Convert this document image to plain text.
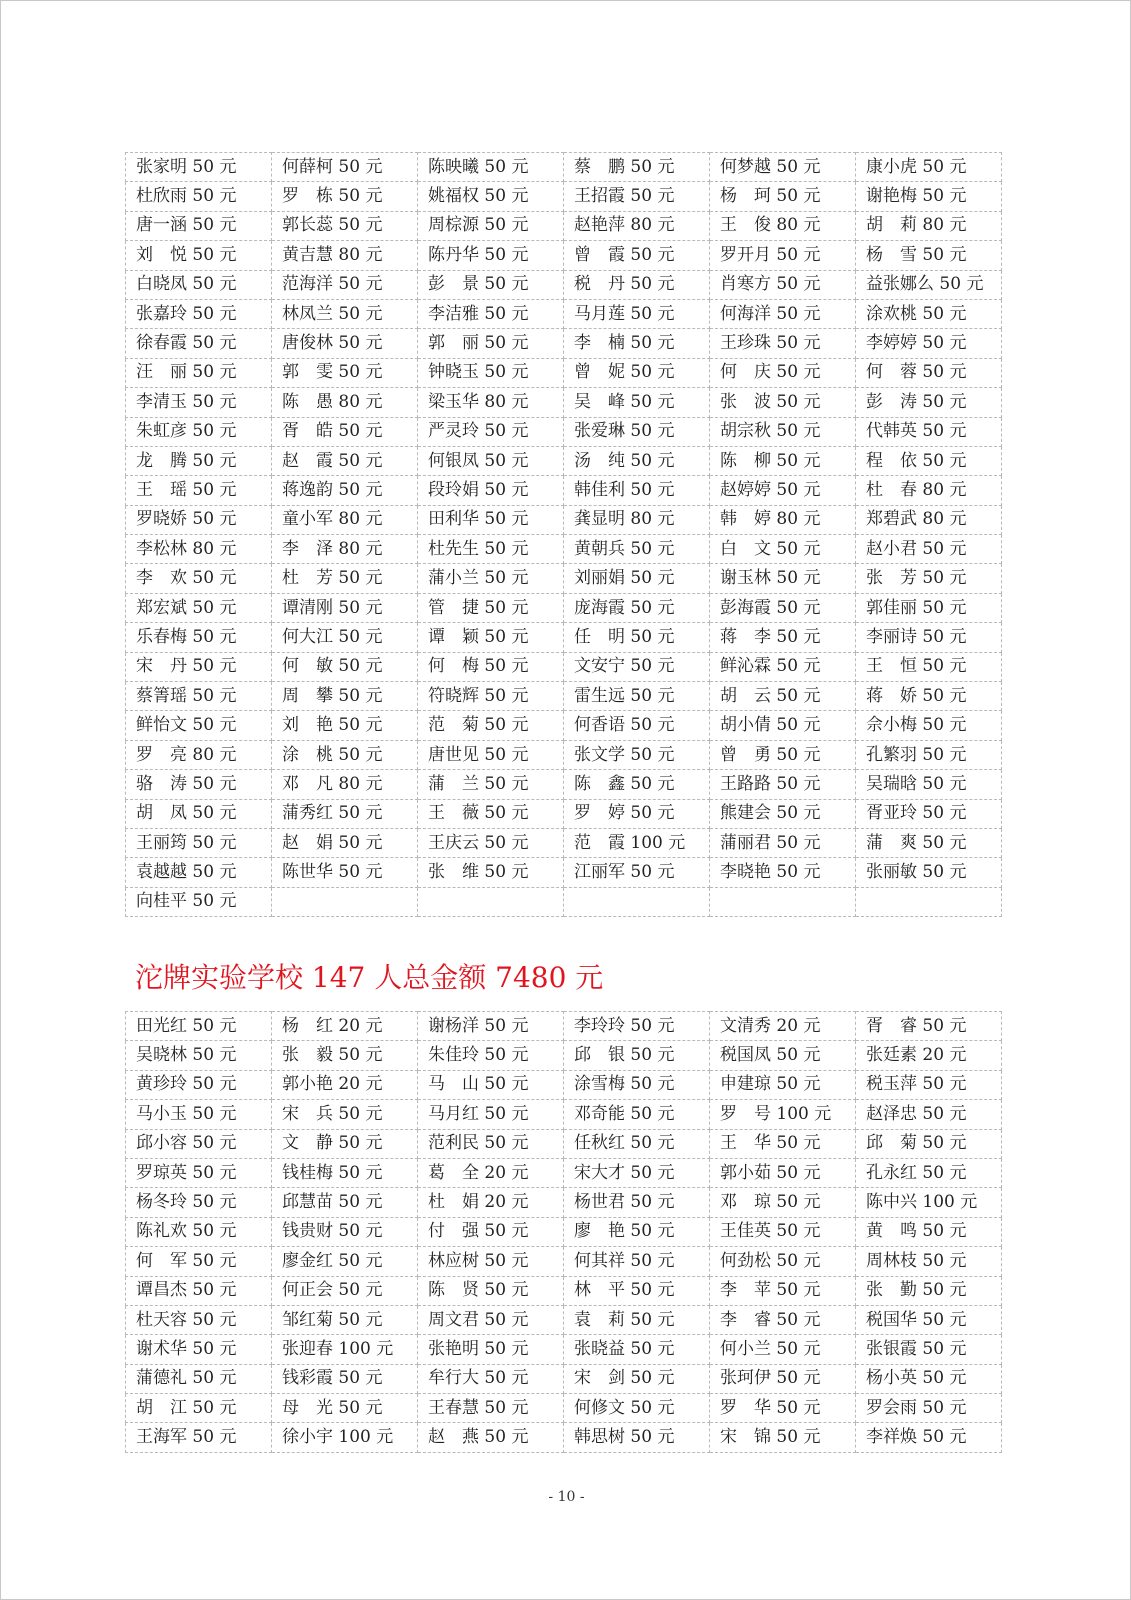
张家明 50 元	何薛柯 50 元	陈映曦 50 元	蔡　鹏 50 元	何梦越 50 元	康小虎 50 元
杜欣雨 50 元	罗　栋 50 元	姚福权 50 元	王招霞 50 元	杨　珂 50 元	谢艳梅 50 元
唐一涵 50 元	郭长蕊 50 元	周棕源 50 元	赵艳萍 80 元	王　俊 80 元	胡　莉 80 元
刘　悦 50 元	黄吉慧 80 元	陈丹华 50 元	曾　霞 50 元	罗开月 50 元	杨　雪 50 元
白晓凤 50 元	范海洋 50 元	彭　景 50 元	税　丹 50 元	肖寒方 50 元	益张娜么 50 元
张嘉玲 50 元	林凤兰 50 元	李洁雅 50 元	马月莲 50 元	何海洋 50 元	涂欢桃 50 元
徐春霞 50 元	唐俊林 50 元	郭　丽 50 元	李　楠 50 元	王珍珠 50 元	李婷婷 50 元
汪　丽 50 元	郭　雯 50 元	钟晓玉 50 元	曾　妮 50 元	何　庆 50 元	何　蓉 50 元
李清玉 50 元	陈　愚 80 元	梁玉华 80 元	吴　峰 50 元	张　波 50 元	彭　涛 50 元
朱虹彦 50 元	胥　皓 50 元	严灵玲 50 元	张爱琳 50 元	胡宗秋 50 元	代韩英 50 元
龙　腾 50 元	赵　霞 50 元	何银凤 50 元	汤　纯 50 元	陈　柳 50 元	程　依 50 元
王　瑶 50 元	蒋逸韵 50 元	段玲娟 50 元	韩佳利 50 元	赵婷婷 50 元	杜　春 80 元
罗晓娇 50 元	童小军 80 元	田利华 50 元	龚显明 80 元	韩　婷 80 元	郑碧武 80 元
李松林 80 元	李　泽 80 元	杜先生 50 元	黄朝兵 50 元	白　文 50 元	赵小君 50 元
李　欢 50 元	杜　芳 50 元	蒲小兰 50 元	刘丽娟 50 元	谢玉林 50 元	张　芳 50 元
郑宏斌 50 元	谭清刚 50 元	管　捷 50 元	庞海霞 50 元	彭海霞 50 元	郭佳丽 50 元
乐春梅 50 元	何大江 50 元	谭　颖 50 元	任　明 50 元	蒋　李 50 元	李丽诗 50 元
宋　丹 50 元	何　敏 50 元	何　梅 50 元	文安宁 50 元	鲜沁霖 50 元	王　恒 50 元
蔡箐瑶 50 元	周　攀 50 元	符晓辉 50 元	雷生远 50 元	胡　云 50 元	蒋　娇 50 元
鲜怡文 50 元	刘　艳 50 元	范　菊 50 元	何香语 50 元	胡小倩 50 元	佘小梅 50 元
罗　亮 80 元	涂　桃 50 元	唐世见 50 元	张文学 50 元	曾　勇 50 元	孔繁羽 50 元
骆　涛 50 元	邓　凡 80 元	蒲　兰 50 元	陈　鑫 50 元	王路路 50 元	吴瑞晗 50 元
胡　凤 50 元	蒲秀红 50 元	王　薇 50 元	罗　婷 50 元	熊建会 50 元	胥亚玲 50 元
王丽筠 50 元	赵　娟 50 元	王庆云 50 元	范　霞 100 元	蒲丽君 50 元	蒲　爽 50 元
袁越越 50 元	陈世华 50 元	张　维 50 元	江丽军 50 元	李晓艳 50 元	张丽敏 50 元
向桂平 50 元					
沱牌实验学校 147 人总金额 7480 元
田光红 50 元	杨　红 20 元	谢杨洋 50 元	李玲玲 50 元	文清秀 20 元	胥　睿 50 元
吴晓林 50 元	张　毅 50 元	朱佳玲 50 元	邱　银 50 元	税国凤 50 元	张廷素 20 元
黄珍玲 50 元	郭小艳 20 元	马　山 50 元	涂雪梅 50 元	申建琼 50 元	税玉萍 50 元
马小玉 50 元	宋　兵 50 元	马月红 50 元	邓奇能 50 元	罗　号 100 元	赵泽忠 50 元
邱小容 50 元	文　静 50 元	范利民 50 元	任秋红 50 元	王　华 50 元	邱　菊 50 元
罗琼英 50 元	钱桂梅 50 元	葛　全 20 元	宋大才 50 元	郭小茹 50 元	孔永红 50 元
杨冬玲 50 元	邱慧苗 50 元	杜　娟 20 元	杨世君 50 元	邓　琼 50 元	陈中兴 100 元
陈礼欢 50 元	钱贵财 50 元	付　强 50 元	廖　艳 50 元	王佳英 50 元	黄　鸣 50 元
何　军 50 元	廖金红 50 元	林应树 50 元	何其祥 50 元	何劲松 50 元	周林枝 50 元
谭昌杰 50 元	何正会 50 元	陈　贤 50 元	林　平 50 元	李　苹 50 元	张　勤 50 元
杜天容 50 元	邹红菊 50 元	周文君 50 元	袁　莉 50 元	李　睿 50 元	税国华 50 元
谢术华 50 元	张迎春 100 元	张艳明 50 元	张晓益 50 元	何小兰 50 元	张银霞 50 元
蒲德礼 50 元	钱彩霞 50 元	牟行大 50 元	宋　剑 50 元	张珂伊 50 元	杨小英 50 元
胡　江 50 元	母　光 50 元	王春慧 50 元	何修文 50 元	罗　华 50 元	罗会雨 50 元
王海军 50 元	徐小宇 100 元	赵　燕 50 元	韩思树 50 元	宋　锦 50 元	李祥焕 50 元
- 10 -
